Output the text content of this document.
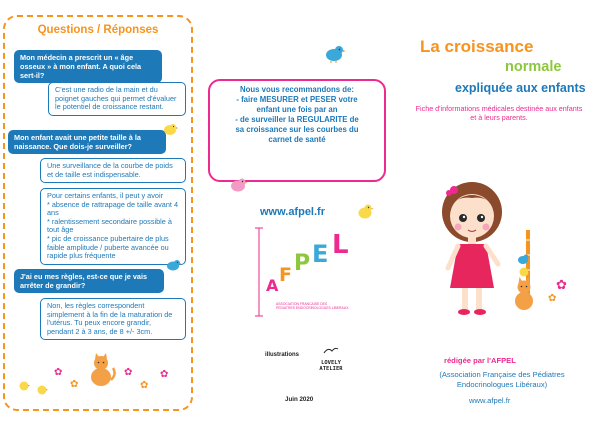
Questions / Réponses
Mon médecin a prescrit un « âge osseux » à mon enfant. A quoi cela sert-il?
C'est une radio de la main et du poignet gauches qui permet d'évaluer le potentiel de croissance restant.
Mon enfant avait une petite taille à la naissance. Que dois-je surveiller?
Une surveillance de la courbe de poids et de taille est indispensable.
Pour certains enfants, il peut y avoir
* absence de rattrapage de taille avant 4 ans
* ralentissement secondaire possible à tout âge
* pic de croissance pubertaire de plus faible amplitude / puberte avancée ou rapide plus fréquente
J'ai eu mes règles, est-ce que je vais arrêter de grandir?
Non, les règles correspondent simplement à la fin de la maturation de l'utérus. Tu peux encore grandir, pendant 2 à 3 ans, de 8 +/- 3cm.
✿
✿
✿
✿
✿
Nous vous recommandons de:
- faire MESURER et PESER votre
enfant une fois par an
- de surveiller la REGULARITE de
sa croissance sur les courbes du
carnet de santé
www.afpel.fr
A F P E L
ASSOCIATION FRANCAISE DES
PEDIATRES ENDOCRINOLOGUES LIBERAUX
illustrations
LOVELY
ATELIER
Juin 2020
La croissance
normale
expliquée aux enfants
Fiche d'informations médicales destinée aux enfants et à leurs parents.
✿
✿
rédigée par l'AFPEL
(Association Française des Pédiatres Endocrinologues Libéraux)
www.afpel.fr
